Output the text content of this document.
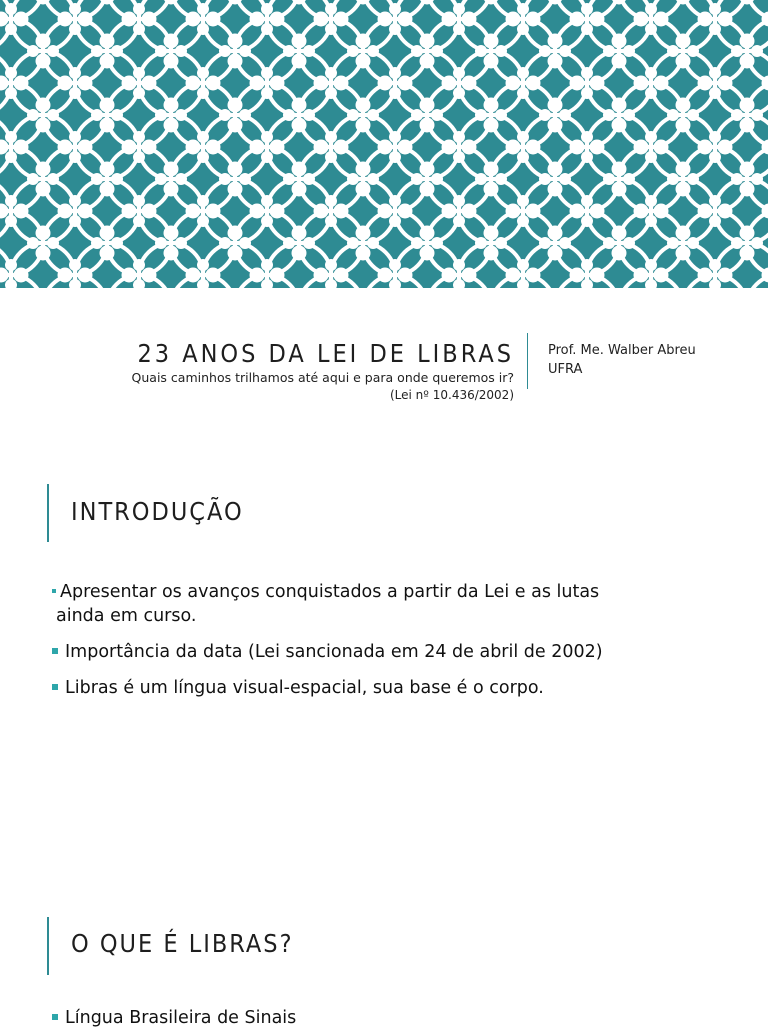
23 ANOS DA LEI DE LIBRAS
Quais caminhos trilhamos até aqui e para onde queremos ir?
(Lei nº 10.436/2002)
Prof. Me. Walber Abreu
UFRA
INTRODUÇÃO
Apresentar os avanços conquistados a partir da Lei e as lutas
ainda em curso.
Importância da data (Lei sancionada em 24 de abril de 2002)
Libras é um língua visual-espacial, sua base é o corpo.
O QUE É LIBRAS?
Língua Brasileira de Sinais
